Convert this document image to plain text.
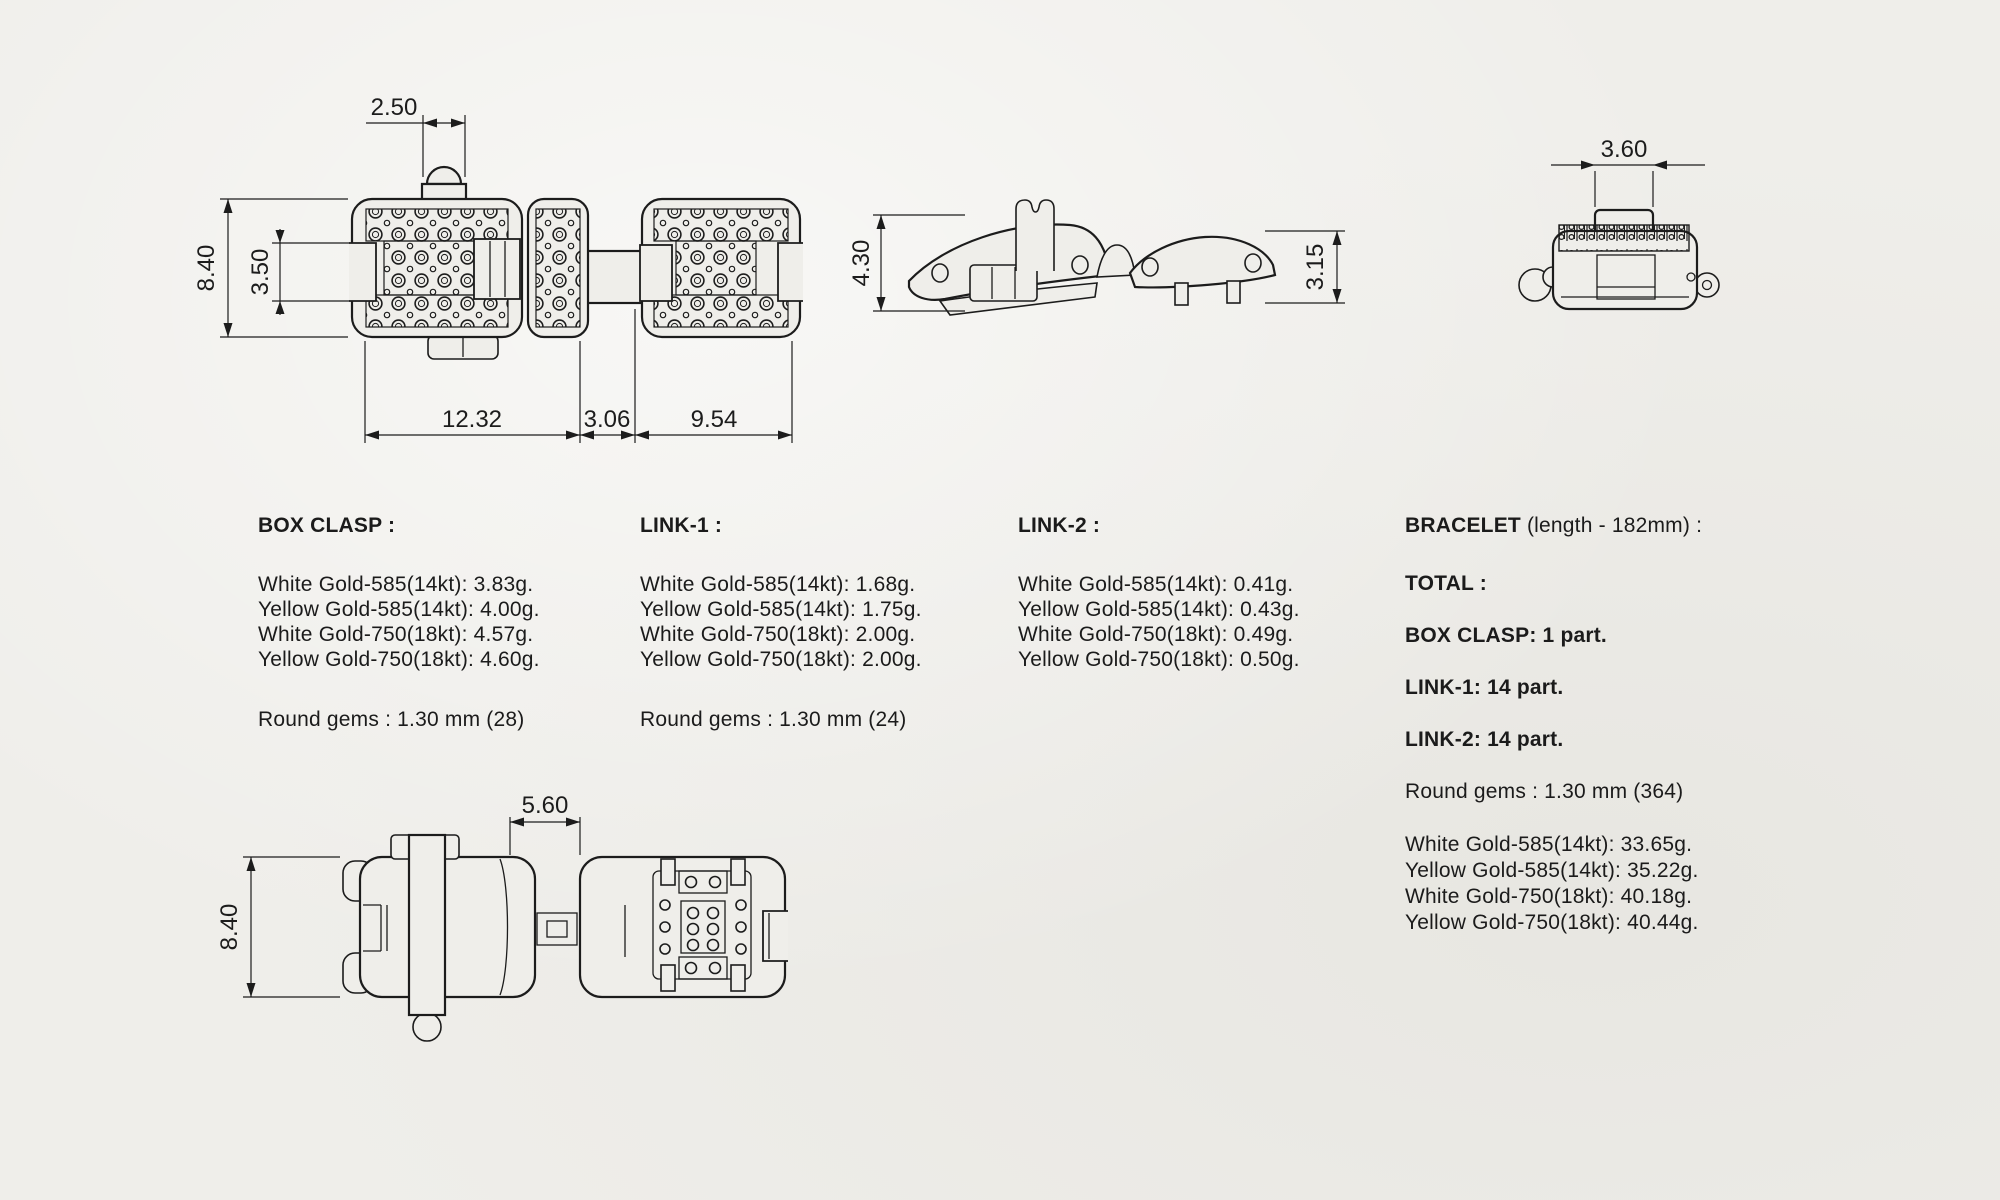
2.50
8.40 3.50
12.32	3.06	9.54
4.30	3.15
3.60
5.60
8.40
BOX CLASP :
White Gold-585(14kt): 3.83g.
Yellow Gold-585(14kt): 4.00g.
White Gold-750(18kt): 4.57g.
Yellow Gold-750(18kt): 4.60g.
Round gems : 1.30 mm (28)
LINK-1 :
White Gold-585(14kt): 1.68g.
Yellow Gold-585(14kt): 1.75g.
White Gold-750(18kt): 2.00g.
Yellow Gold-750(18kt): 2.00g.
Round gems : 1.30 mm (24)
LINK-2 :
White Gold-585(14kt): 0.41g.
Yellow Gold-585(14kt): 0.43g.
White Gold-750(18kt): 0.49g.
Yellow Gold-750(18kt): 0.50g.
BRACELET (length - 182mm) :
TOTAL :
BOX CLASP: 1 part.
LINK-1: 14 part.
LINK-2: 14 part.
Round gems : 1.30 mm (364)
White Gold-585(14kt): 33.65g.
Yellow Gold-585(14kt): 35.22g.
White Gold-750(18kt): 40.18g.
Yellow Gold-750(18kt): 40.44g.
